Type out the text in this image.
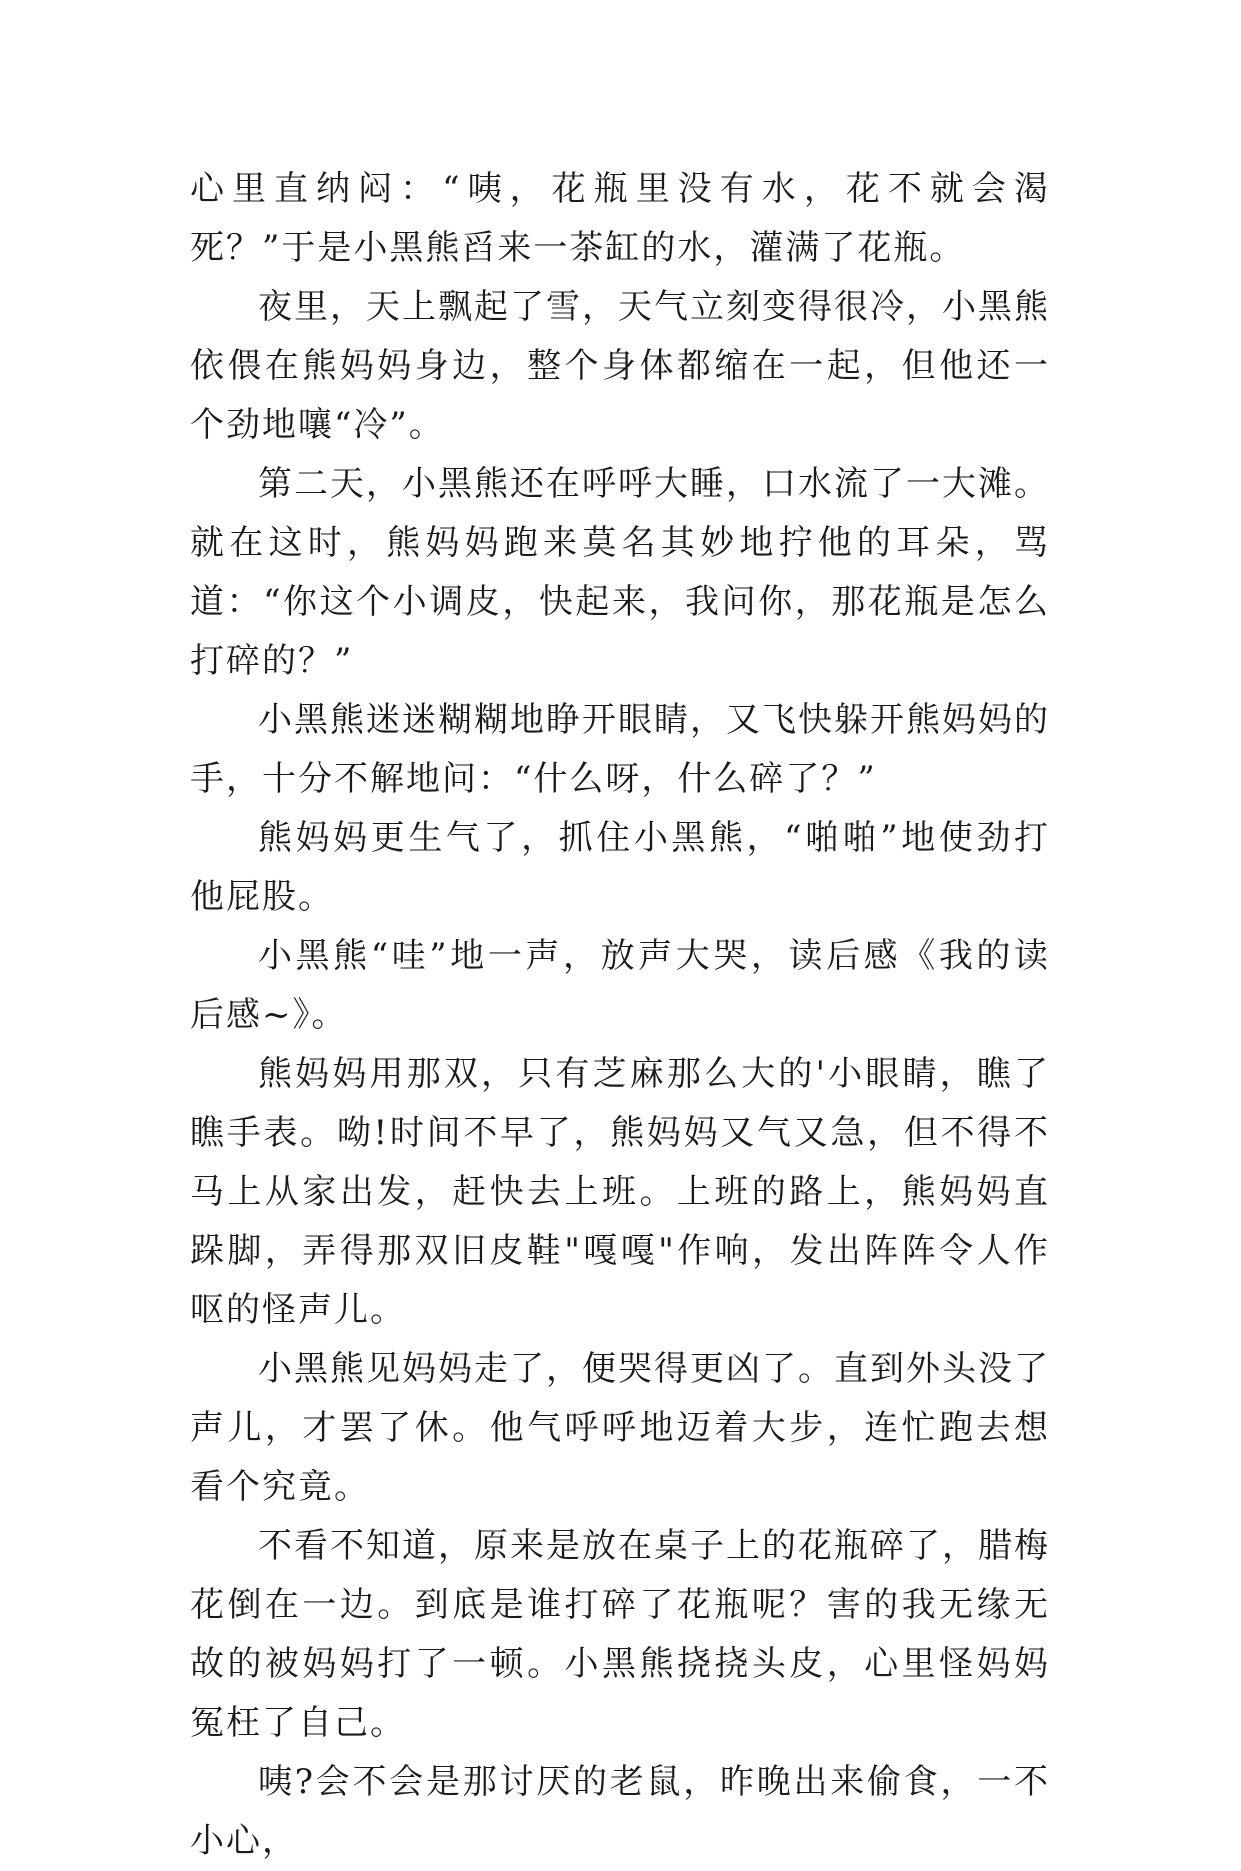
心里直纳闷：“咦，花瓶里没有水，花不就会渴死？”于是小黑熊舀来一茶缸的水，灌满了花瓶。

夜里，天上飘起了雪，天气立刻变得很冷，小黑熊依偎在熊妈妈身边，整个身体都缩在一起，但他还一个劲地嚷“冷”。

第二天，小黑熊还在呼呼大睡，口水流了一大滩。就在这时，熊妈妈跑来莫名其妙地拧他的耳朵，骂道：“你这个小调皮，快起来，我问你，那花瓶是怎么打碎的？”

小黑熊迷迷糊糊地睁开眼睛，又飞快躲开熊妈妈的手，十分不解地问：“什么呀，什么碎了？”

熊妈妈更生气了，抓住小黑熊，“啪啪”地使劲打他屁股。

小黑熊“哇”地一声，放声大哭，读后感《我的读后感~》。

熊妈妈用那双，只有芝麻那么大的'小眼睛，瞧了瞧手表。呦!时间不早了，熊妈妈又气又急，但不得不马上从家出发，赶快去上班。上班的路上，熊妈妈直跺脚，弄得那双旧皮鞋"嘎嘎"作响，发出阵阵令人作呕的怪声儿。

小黑熊见妈妈走了，便哭得更凶了。直到外头没了声儿，才罢了休。他气呼呼地迈着大步，连忙跑去想看个究竟。

不看不知道，原来是放在桌子上的花瓶碎了，腊梅花倒在一边。到底是谁打碎了花瓶呢？害的我无缘无故的被妈妈打了一顿。小黑熊挠挠头皮，心里怪妈妈冤枉了自己。

咦?会不会是那讨厌的老鼠，昨晚出来偷食，一不小心，
